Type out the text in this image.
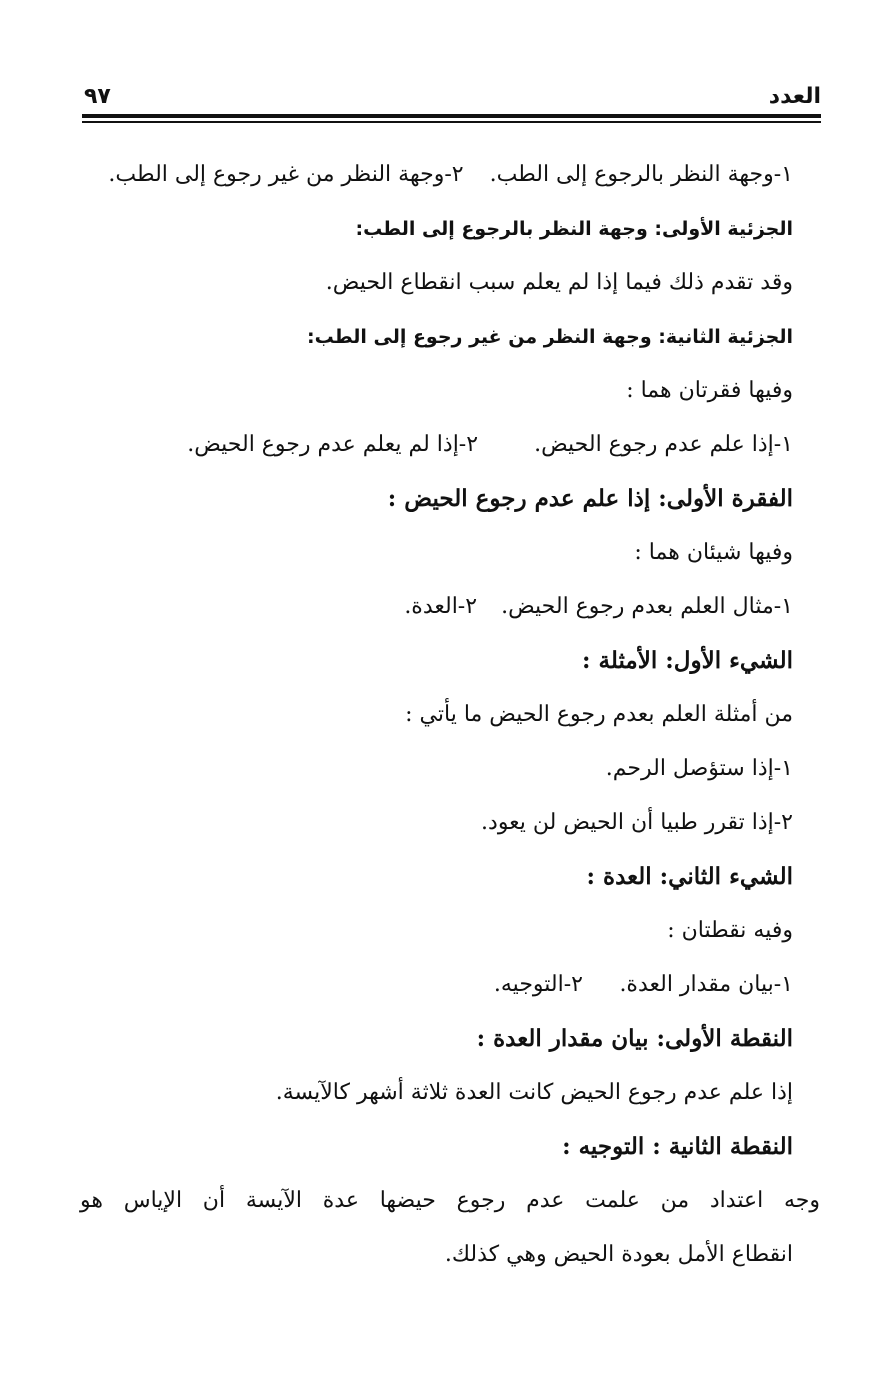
العدد
٩٧
١-وجهة النظر بالرجوع إلى الطب.
٢-وجهة النظر من غير رجوع إلى الطب.
الجزئية الأولى: وجهة النظر بالرجوع إلى الطب:
وقد تقدم ذلك فيما إذا لم يعلم سبب انقطاع الحيض.
الجزئية الثانية: وجهة النظر من غير رجوع إلى الطب:
وفيها فقرتان هما :
١-إذا علم عدم رجوع الحيض.
٢-إذا لم يعلم عدم رجوع الحيض.
الفقرة الأولى: إذا علم عدم رجوع الحيض :
وفيها شيئان هما :
١-مثال العلم بعدم رجوع الحيض.
٢-العدة.
الشيء الأول: الأمثلة :
من أمثلة العلم بعدم رجوع الحيض ما يأتي :
١-إذا ستؤصل الرحم.
٢-إذا تقرر طبيا أن الحيض لن يعود.
الشيء الثاني: العدة :
وفيه نقطتان :
١-بيان مقدار العدة.
٢-التوجيه.
النقطة الأولى: بيان مقدار العدة :
إذا علم عدم رجوع الحيض كانت العدة ثلاثة أشهر كالآيسة.
النقطة الثانية : التوجيه :
وجه اعتداد من علمت عدم رجوع حيضها عدة الآيسة أن الإياس هو
انقطاع الأمل بعودة الحيض وهي كذلك.
